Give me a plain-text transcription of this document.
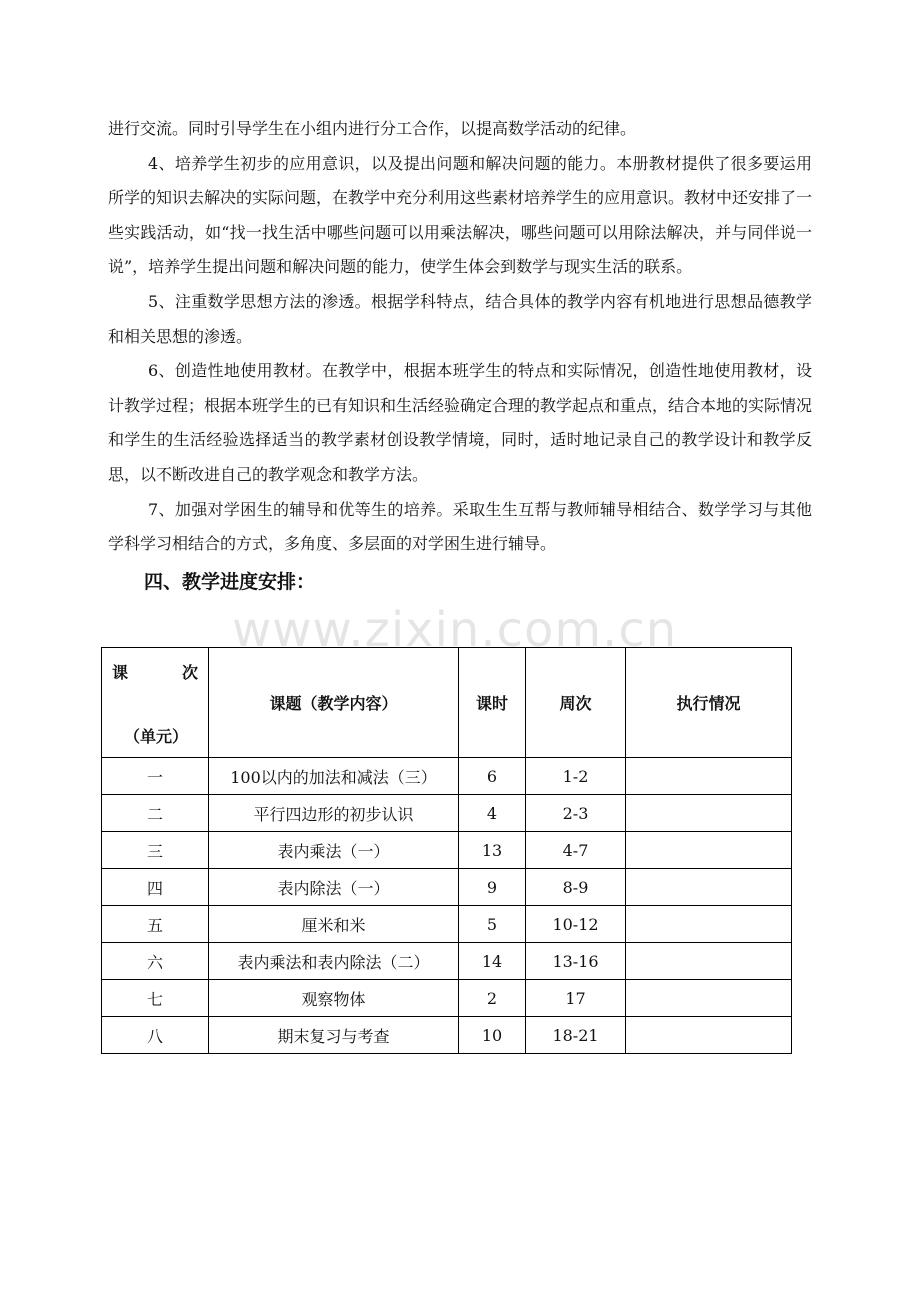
进行交流。同时引导学生在小组内进行分工合作，以提高数学活动的纪律。

4、培养学生初步的应用意识，以及提出问题和解决问题的能力。本册教材提供了很多要运用所学的知识去解决的实际问题，在教学中充分利用这些素材培养学生的应用意识。教材中还安排了一些实践活动，如“找一找生活中哪些问题可以用乘法解决，哪些问题可以用除法解决，并与同伴说一说”，培养学生提出问题和解决问题的能力，使学生体会到数学与现实生活的联系。

5、注重数学思想方法的渗透。根据学科特点，结合具体的教学内容有机地进行思想品德教学和相关思想的渗透。

6、创造性地使用教材。在教学中，根据本班学生的特点和实际情况，创造性地使用教材，设计教学过程；根据本班学生的已有知识和生活经验确定合理的教学起点和重点，结合本地的实际情况和学生的生活经验选择适当的教学素材创设教学情境，同时，适时地记录自己的教学设计和教学反思，以不断改进自己的教学观念和教学方法。

7、加强对学困生的辅导和优等生的培养。采取生生互帮与教师辅导相结合、数学学习与其他学科学习相结合的方式，多角度、多层面的对学困生进行辅导。

四、教学进度安排：
www.zixin.com.cn
课 次
（单元）	课题（教学内容）	课时	周次	执行情况
一	100以内的加法和减法（三）	6	1-2	
二	平行四边形的初步认识	4	2-3	
三	表内乘法（一）	13	4-7	
四	表内除法（一）	9	8-9	
五	厘米和米	5	10-12	
六	表内乘法和表内除法（二）	14	13-16	
七	观察物体	2	17	
八	期末复习与考查	10	18-21	
